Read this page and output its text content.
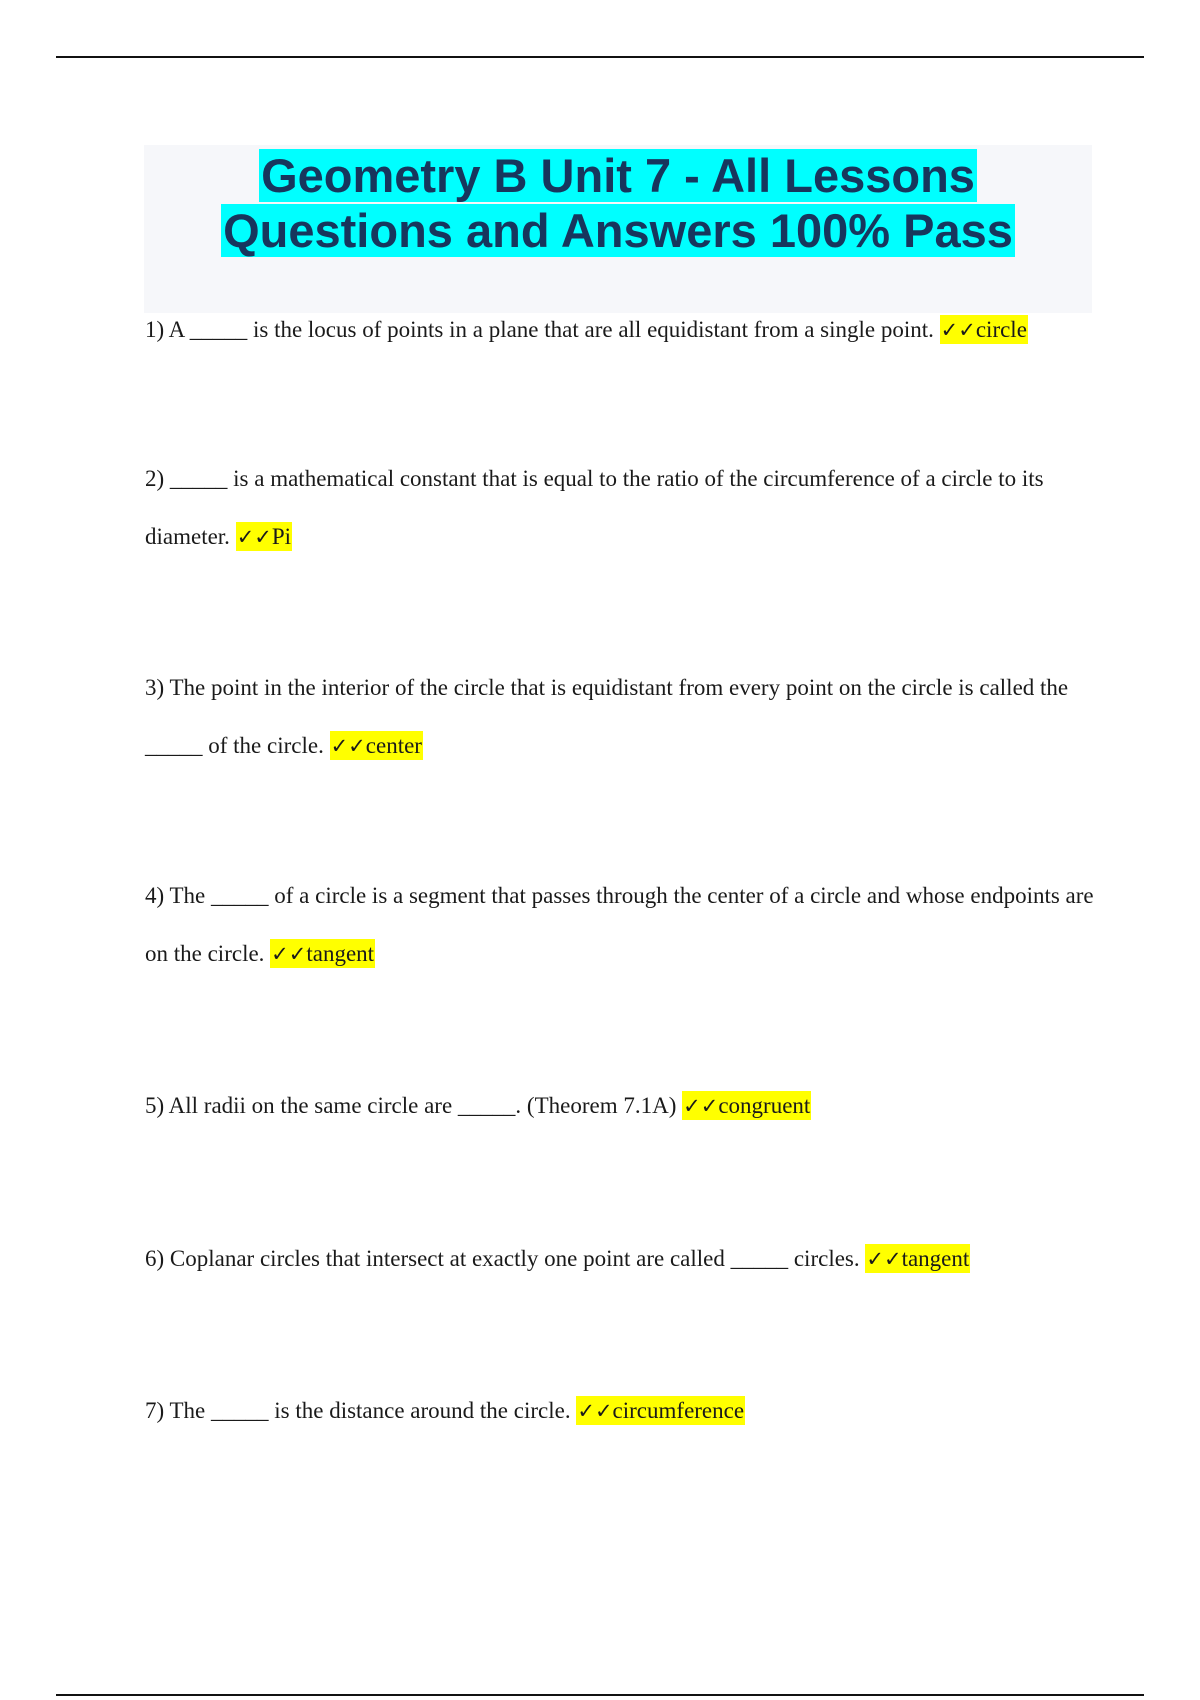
Geometry B Unit 7 - All Lessons
Questions and Answers 100% Pass

1) A _____ is the locus of points in a plane that are all equidistant from a single point. ✓✓circle

2) _____ is a mathematical constant that is equal to the ratio of the circumference of a circle to its diameter. ✓✓Pi

3) The point in the interior of the circle that is equidistant from every point on the circle is called the _____ of the circle. ✓✓center

4) The _____ of a circle is a segment that passes through the center of a circle and whose endpoints are on the circle. ✓✓tangent

5) All radii on the same circle are _____. (Theorem 7.1A) ✓✓congruent

6) Coplanar circles that intersect at exactly one point are called _____ circles. ✓✓tangent

7) The _____ is the distance around the circle. ✓✓circumference
